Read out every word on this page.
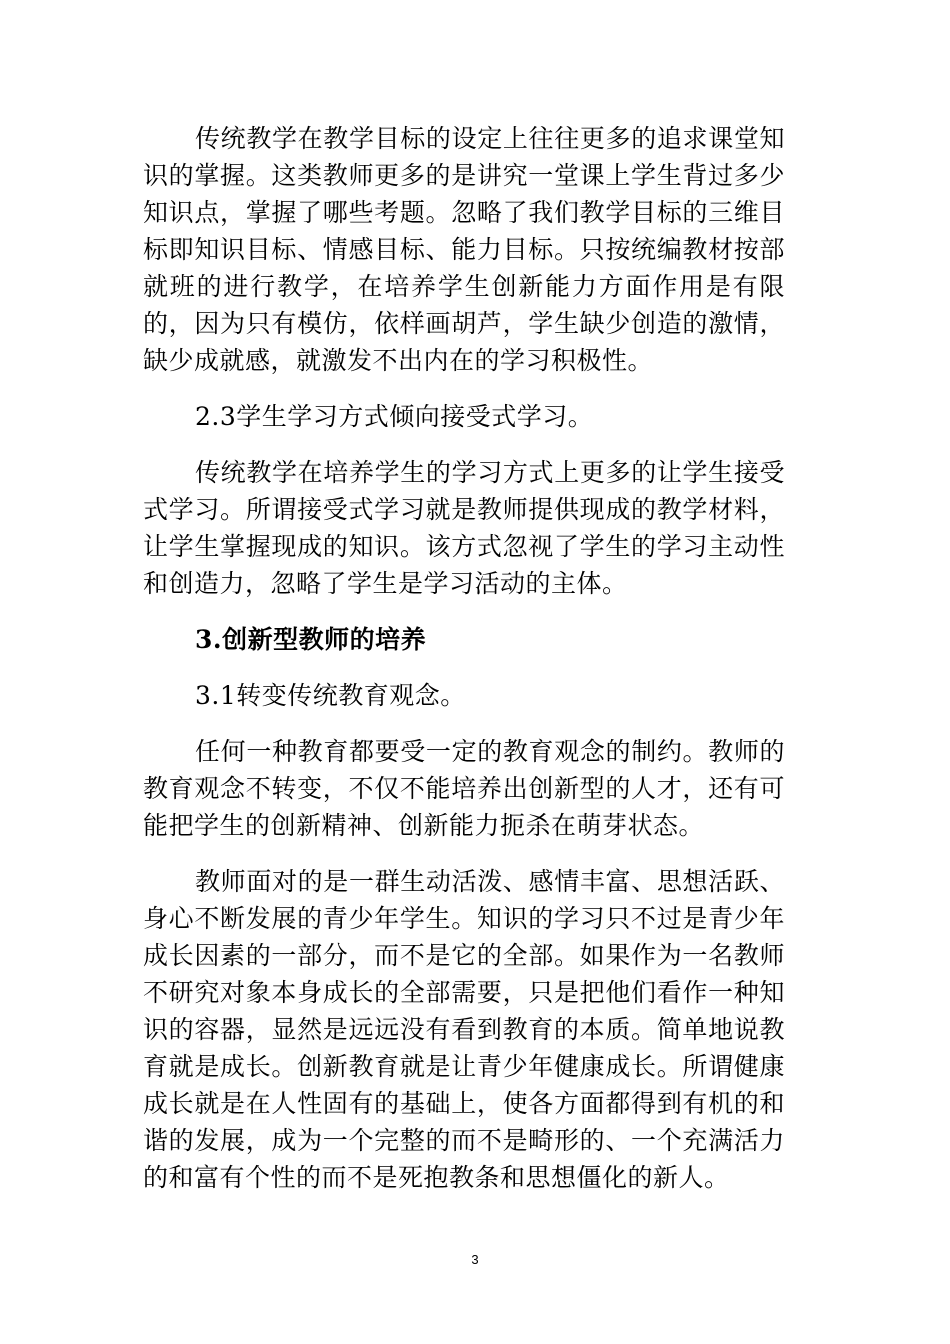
传统教学在教学目标的设定上往往更多的追求课堂知识的掌握。这类教师更多的是讲究一堂课上学生背过多少知识点，掌握了哪些考题。忽略了我们教学目标的三维目标即知识目标、情感目标、能力目标。只按统编教材按部就班的进行教学，在培养学生创新能力方面作用是有限的，因为只有模仿，依样画胡芦，学生缺少创造的激情，缺少成就感，就激发不出内在的学习积极性。

2.3学生学习方式倾向接受式学习。

传统教学在培养学生的学习方式上更多的让学生接受式学习。所谓接受式学习就是教师提供现成的教学材料，让学生掌握现成的知识。该方式忽视了学生的学习主动性和创造力，忽略了学生是学习活动的主体。

3.创新型教师的培养

3.1转变传统教育观念。

任何一种教育都要受一定的教育观念的制约。教师的教育观念不转变，不仅不能培养出创新型的人才，还有可能把学生的创新精神、创新能力扼杀在萌芽状态。

教师面对的是一群生动活泼、感情丰富、思想活跃、身心不断发展的青少年学生。知识的学习只不过是青少年成长因素的一部分，而不是它的全部。如果作为一名教师不研究对象本身成长的全部需要，只是把他们看作一种知识的容器，显然是远远没有看到教育的本质。简单地说教育就是成长。创新教育就是让青少年健康成长。所谓健康成长就是在人性固有的基础上，使各方面都得到有机的和谐的发展，成为一个完整的而不是畸形的、一个充满活力的和富有个性的而不是死抱教条和思想僵化的新人。

3
